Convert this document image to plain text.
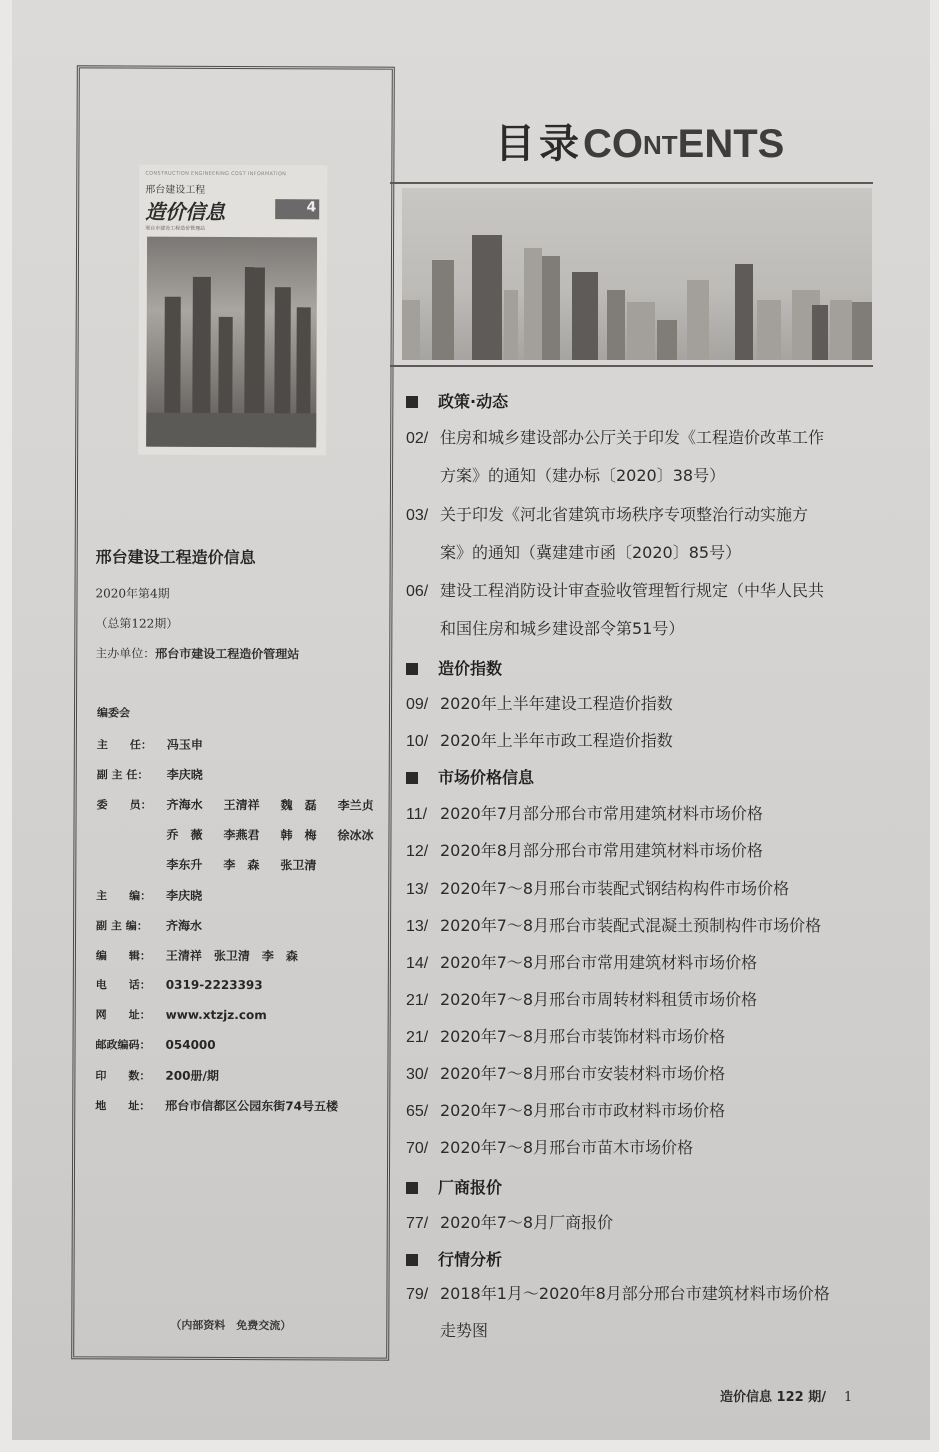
CONSTRUCTION ENGINEERING COST INFORMATION
邢台建设工程
造价信息
邢台市建设工程造价管理站
4
邢台建设工程造价信息
2020年第4期
（总第122期）
主办单位：邢台市建设工程造价管理站
编委会
主　　任： 冯玉申
副 主 任： 李庆晓
委　　员： 齐海水 王清祥 魏　磊 李兰贞
乔　薇 李燕君 韩　梅 徐冰冰
李东升 李　森 张卫清
主　　编： 李庆晓
副 主 编： 齐海水
编　　辑： 王清祥　张卫清　李　森
电　　话： 0319-2223393
网　　址： www.xtzjz.com
邮政编码： 054000
印　　数： 200册/期
地　　址： 邢台市信都区公园东街74号五楼
（内部资料　免费交流）
目录CONTENTS
政策·动态
02/ 住房和城乡建设部办公厅关于印发《工程造价改革工作
方案》的通知（建办标〔2020〕38号）
03/ 关于印发《河北省建筑市场秩序专项整治行动实施方
案》的通知（冀建建市函〔2020〕85号）
06/ 建设工程消防设计审查验收管理暂行规定（中华人民共
和国住房和城乡建设部令第51号）
造价指数
09/ 2020年上半年建设工程造价指数
10/ 2020年上半年市政工程造价指数
市场价格信息
11/ 2020年7月部分邢台市常用建筑材料市场价格
12/ 2020年8月部分邢台市常用建筑材料市场价格
13/ 2020年7～8月邢台市装配式钢结构构件市场价格
13/ 2020年7～8月邢台市装配式混凝土预制构件市场价格
14/ 2020年7～8月邢台市常用建筑材料市场价格
21/ 2020年7～8月邢台市周转材料租赁市场价格
21/ 2020年7～8月邢台市装饰材料市场价格
30/ 2020年7～8月邢台市安装材料市场价格
65/ 2020年7～8月邢台市市政材料市场价格
70/ 2020年7～8月邢台市苗木市场价格
厂商报价
77/ 2020年7～8月厂商报价
行情分析
79/ 2018年1月～2020年8月部分邢台市建筑材料市场价格
走势图
造价信息 122 期/ 1
